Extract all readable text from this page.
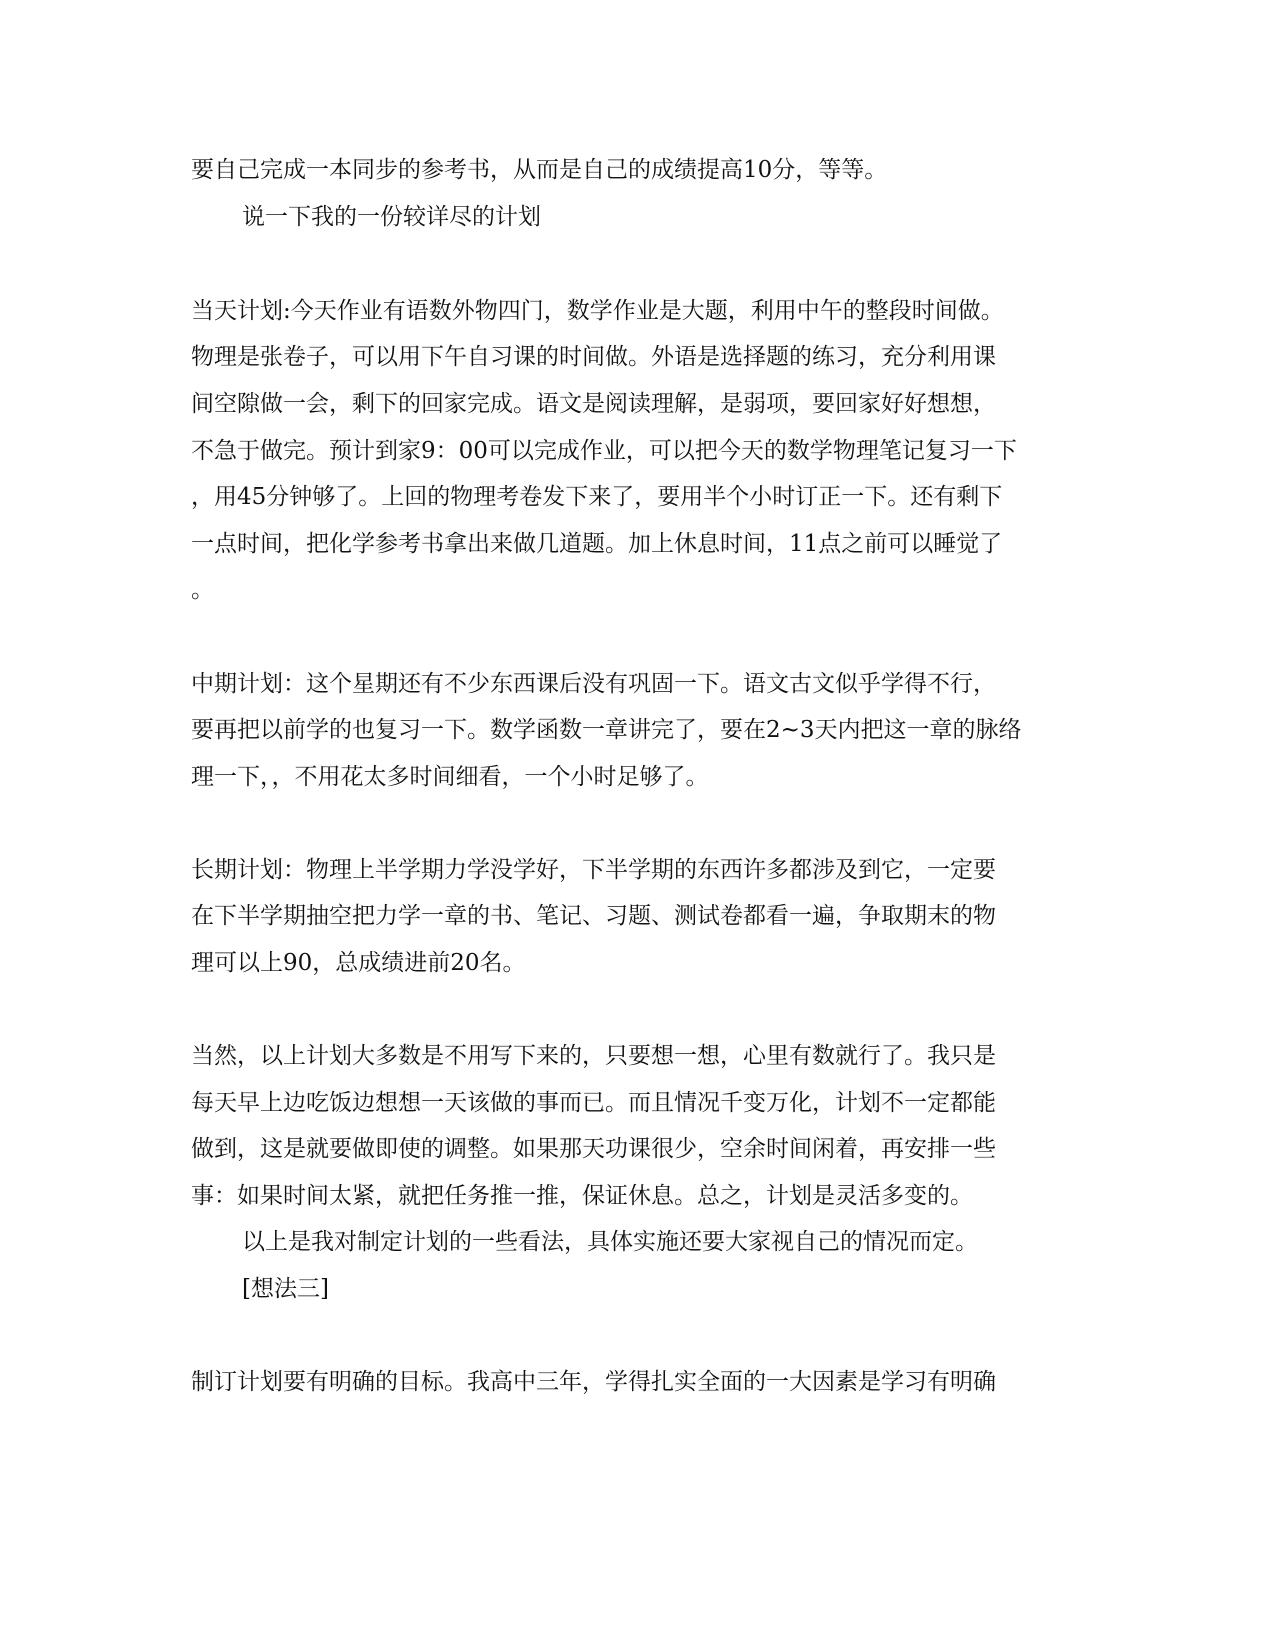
要自己完成一本同步的参考书，从而是自己的成绩提高10分，等等。
说一下我的一份较详尽的计划
当天计划:今天作业有语数外物四门，数学作业是大题，利用中午的整段时间做。
物理是张卷子，可以用下午自习课的时间做。外语是选择题的练习，充分利用课
间空隙做一会，剩下的回家完成。语文是阅读理解，是弱项，要回家好好想想，
不急于做完。预计到家9：00可以完成作业，可以把今天的数学物理笔记复习一下
，用45分钟够了。上回的物理考卷发下来了，要用半个小时订正一下。还有剩下
一点时间，把化学参考书拿出来做几道题。加上休息时间，11点之前可以睡觉了
。
中期计划：这个星期还有不少东西课后没有巩固一下。语文古文似乎学得不行，
要再把以前学的也复习一下。数学函数一章讲完了，要在2~3天内把这一章的脉络
理一下，，不用花太多时间细看，一个小时足够了。
长期计划：物理上半学期力学没学好，下半学期的东西许多都涉及到它，一定要
在下半学期抽空把力学一章的书、笔记、习题、测试卷都看一遍，争取期末的物
理可以上90，总成绩进前20名。
当然，以上计划大多数是不用写下来的，只要想一想，心里有数就行了。我只是
每天早上边吃饭边想想一天该做的事而已。而且情况千变万化，计划不一定都能
做到，这是就要做即使的调整。如果那天功课很少，空余时间闲着，再安排一些
事：如果时间太紧，就把任务推一推，保证休息。总之，计划是灵活多变的。
以上是我对制定计划的一些看法，具体实施还要大家视自己的情况而定。
[想法三]
制订计划要有明确的目标。我高中三年，学得扎实全面的一大因素是学习有明确
